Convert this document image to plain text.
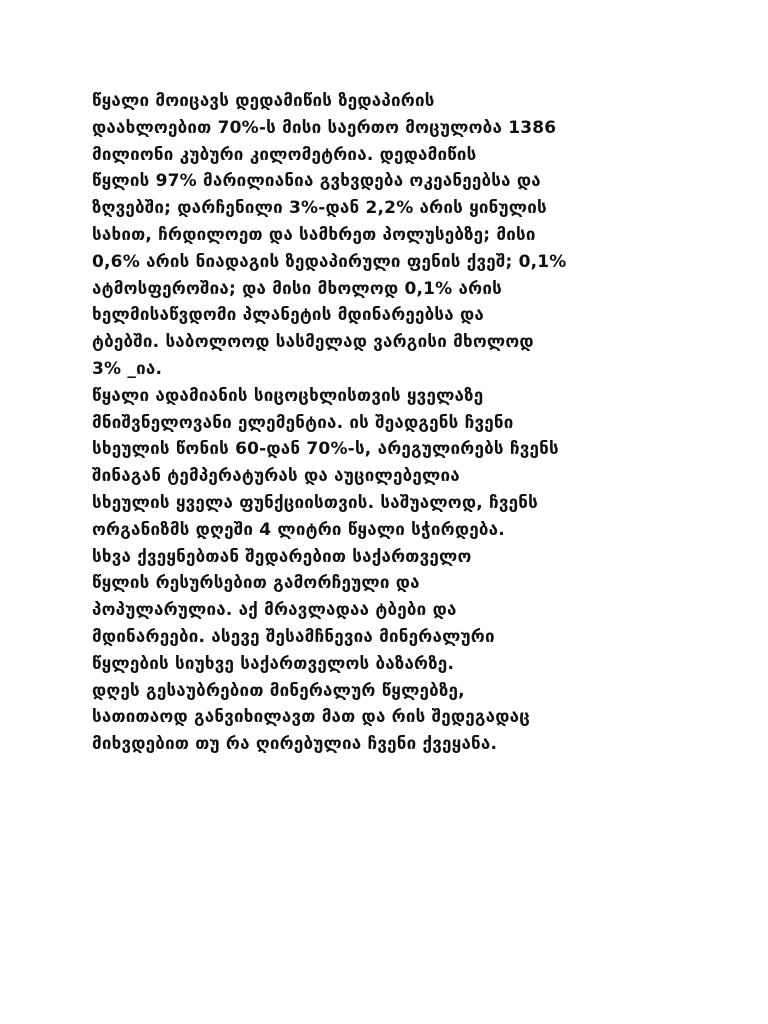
წყალი მოიცავს დედამიწის ზედაპირის
დაახლოებით 70%-ს მისი საერთო მოცულობა 1386
მილიონი კუბური კილომეტრია. დედამიწის
წყლის 97% მარილიანია გვხვდება ოკეანეებსა და
ზღვებში; დარჩენილი 3%-დან 2,2% არის ყინულის
სახით, ჩრდილოეთ და სამხრეთ პოლუსებზე; მისი
0,6% არის ნიადაგის ზედაპირული ფენის ქვეშ; 0,1%
ატმოსფეროშია; და მისი მხოლოდ 0,1% არის
ხელმისაწვდომი პლანეტის მდინარეებსა და
ტბებში. საბოლოოდ სასმელად ვარგისი მხოლოდ
3% _ია.
წყალი ადამიანის სიცოცხლისთვის ყველაზე
მნიშვნელოვანი ელემენტია. ის შეადგენს ჩვენი
სხეულის წონის 60-დან 70%-ს, არეგულირებს ჩვენს
შინაგან ტემპერატურას და აუცილებელია
სხეულის ყველა ფუნქციისთვის. საშუალოდ, ჩვენს
ორგანიზმს დღეში 4 ლიტრი წყალი სჭირდება.
სხვა ქვეყნებთან შედარებით საქართველო
წყლის რესურსებით გამორჩეული და
პოპულარულია. აქ მრავლადაა ტბები და
მდინარეები. ასევე შესამჩნევია მინერალური
წყლების სიუხვე საქართველოს ბაზარზე.
დღეს გესაუბრებით მინერალურ წყლებზე,
სათითაოდ განვიხილავთ მათ და რის შედეგადაც
მიხვდებით თუ რა ღირებულია ჩვენი ქვეყანა.
